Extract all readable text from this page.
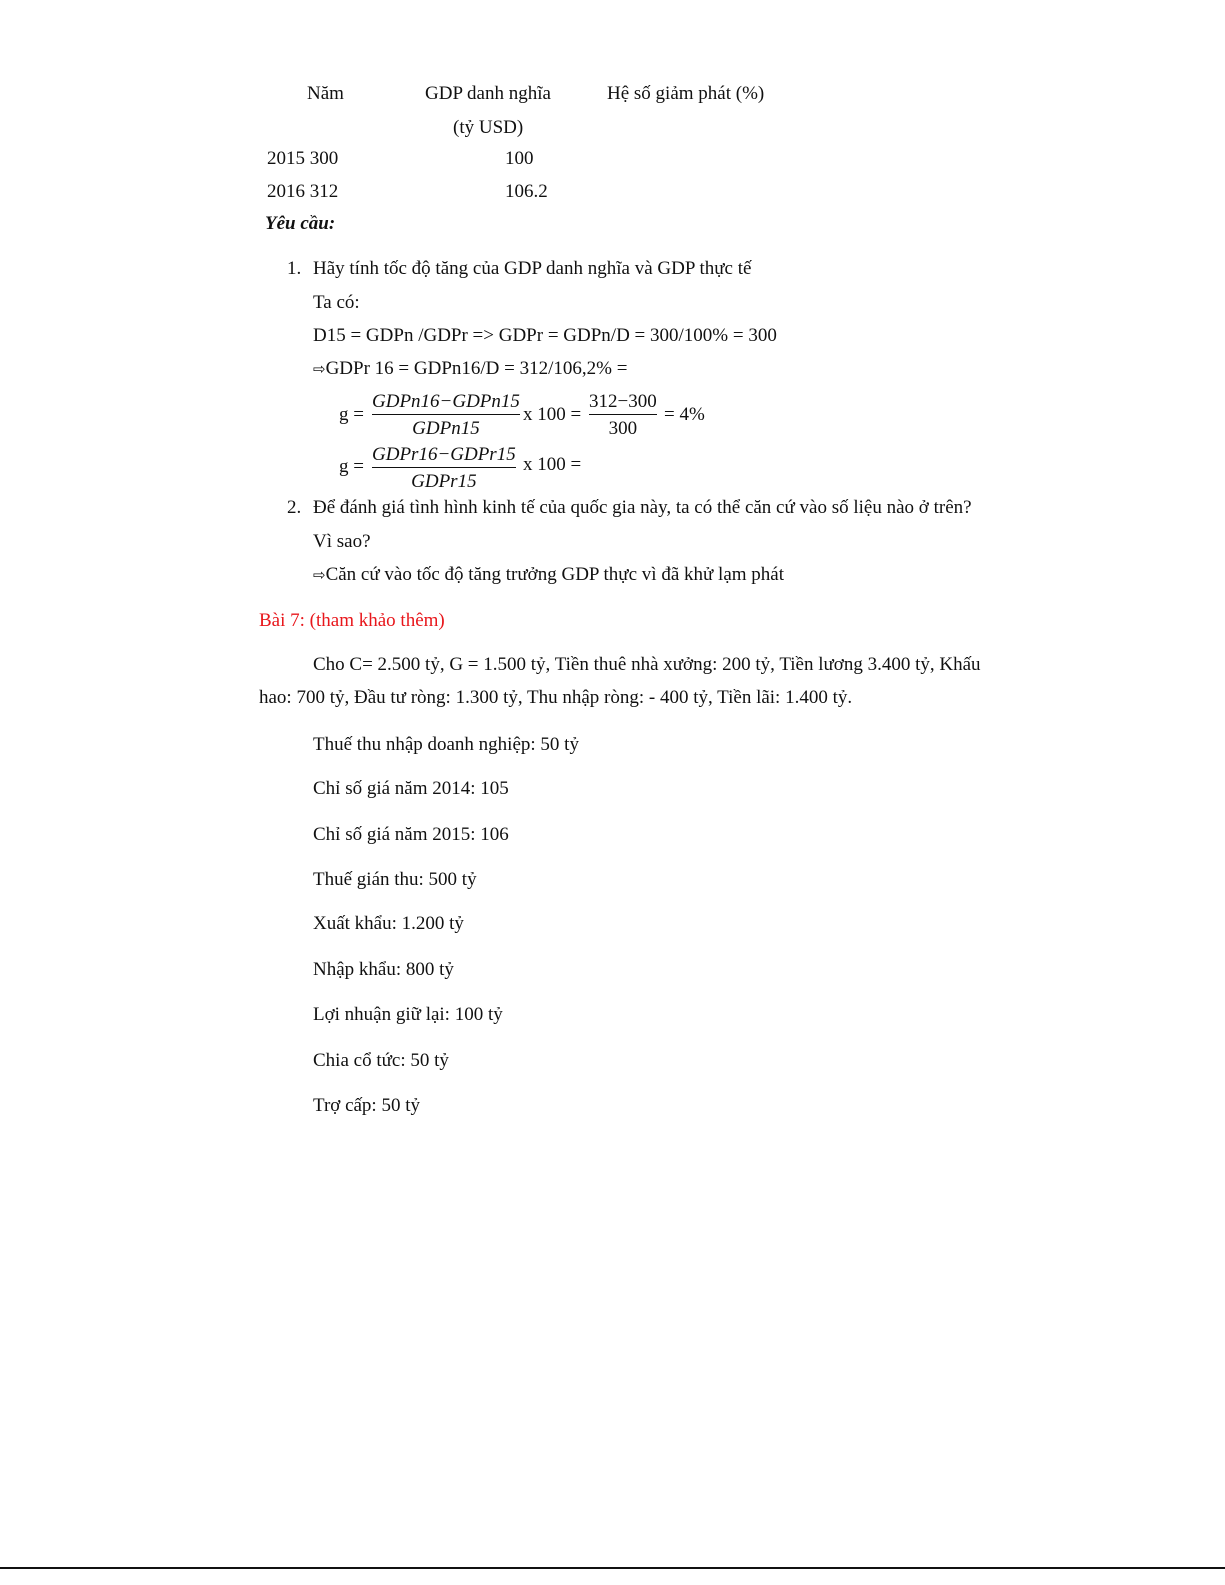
Năm	GDP danh nghĩa	Hệ số giảm phát (%)
(tỷ USD)
2015 300	100
2016 312	106.2
Yêu cầu:
1. Hãy tính tốc độ tăng của GDP danh nghĩa và GDP thực tế
Ta có:
D15 = GDPn /GDPr => GDPr = GDPn/D = 300/100% = 300
⇨GDPr 16 = GDPn16/D = 312/106,2% =
g =
GDPn16−GDPn15
GDPn15
x 100 =
312−300
300
= 4%
g =
GDPr16−GDPr15
GDPr15
x 100 =
2. Để đánh giá tình hình kinh tế của quốc gia này, ta có thể căn cứ vào số liệu nào ở trên?
Vì sao?
⇨Căn cứ vào tốc độ tăng trưởng GDP thực vì đã khử lạm phát
Bài 7: (tham khảo thêm)
Cho C= 2.500 tỷ, G = 1.500 tỷ, Tiền thuê nhà xưởng: 200 tỷ, Tiền lương 3.400 tỷ, Khấu
hao: 700 tỷ, Đầu tư ròng: 1.300 tỷ, Thu nhập ròng: - 400 tỷ, Tiền lãi: 1.400 tỷ.
Thuế thu nhập doanh nghiệp: 50 tỷ
Chỉ số giá năm 2014: 105
Chỉ số giá năm 2015: 106
Thuế gián thu: 500 tỷ
Xuất khẩu: 1.200 tỷ
Nhập khẩu: 800 tỷ
Lợi nhuận giữ lại: 100 tỷ
Chia cổ tức: 50 tỷ
Trợ cấp: 50 tỷ
